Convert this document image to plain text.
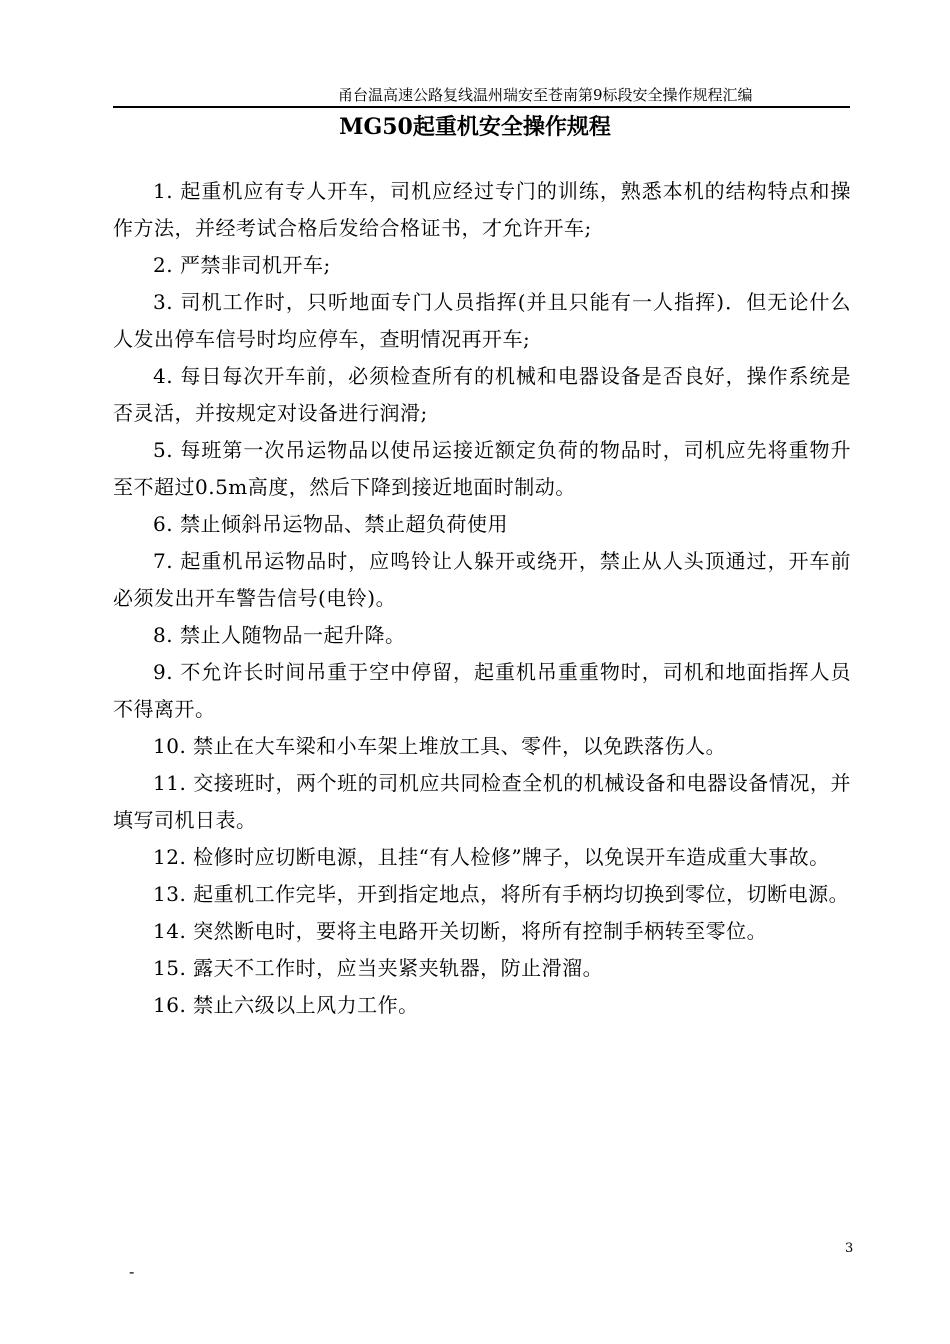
甬台温高速公路复线温州瑞安至苍南第9标段安全操作规程汇编
MG50起重机安全操作规程

1. 起重机应有专人开车，司机应经过专门的训练，熟悉本机的结构特点和操作方法，并经考试合格后发给合格证书，才允许开车;

2. 严禁非司机开车;

3. 司机工作时，只听地面专门人员指挥(并且只能有一人指挥)．但无论什么人发出停车信号时均应停车，查明情况再开车;

4. 每日每次开车前，必须检查所有的机械和电器设备是否良好，操作系统是否灵活，并按规定对设备进行润滑;

5. 每班第一次吊运物品以使吊运接近额定负荷的物品时，司机应先将重物升至不超过0.5m高度，然后下降到接近地面时制动。

6. 禁止倾斜吊运物品、禁止超负荷使用

7. 起重机吊运物品时，应鸣铃让人躲开或绕开，禁止从人头顶通过，开车前必须发出开车警告信号(电铃)。

8. 禁止人随物品一起升降。

9. 不允许长时间吊重于空中停留，起重机吊重重物时，司机和地面指挥人员不得离开。

10. 禁止在大车梁和小车架上堆放工具、零件，以免跌落伤人。

11. 交接班时，两个班的司机应共同检查全机的机械设备和电器设备情况，并填写司机日表。

12. 检修时应切断电源，且挂“有人检修”牌子，以免误开车造成重大事故。

13. 起重机工作完毕，开到指定地点，将所有手柄均切换到零位，切断电源。

14. 突然断电时，要将主电路开关切断，将所有控制手柄转至零位。

15. 露天不工作时，应当夹紧夹轨器，防止滑溜。

16. 禁止六级以上风力工作。

3
-
